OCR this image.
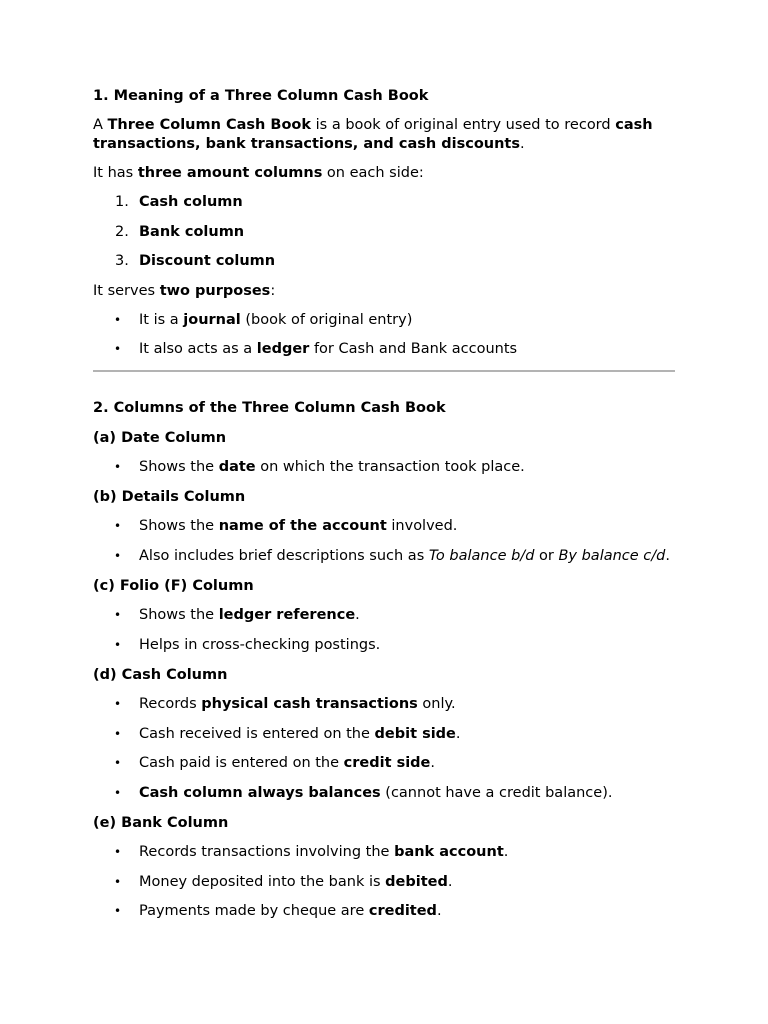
1. Meaning of a Three Column Cash Book

A Three Column Cash Book is a book of original entry used to record cash transactions, bank transactions, and cash discounts.

It has three amount columns on each side:

1. Cash column
2. Bank column
3. Discount column

It serves two purposes:

• It is a journal (book of original entry)
• It also acts as a ledger for Cash and Bank accounts
2. Columns of the Three Column Cash Book
(a) Date Column
• Shows the date on which the transaction took place.
(b) Details Column
• Shows the name of the account involved.
• Also includes brief descriptions such as To balance b/d or By balance c/d.
(c) Folio (F) Column
• Shows the ledger reference.
• Helps in cross-checking postings.
(d) Cash Column
• Records physical cash transactions only.
• Cash received is entered on the debit side.
• Cash paid is entered on the credit side.
• Cash column always balances (cannot have a credit balance).
(e) Bank Column
• Records transactions involving the bank account.
• Money deposited into the bank is debited.
• Payments made by cheque are credited.
